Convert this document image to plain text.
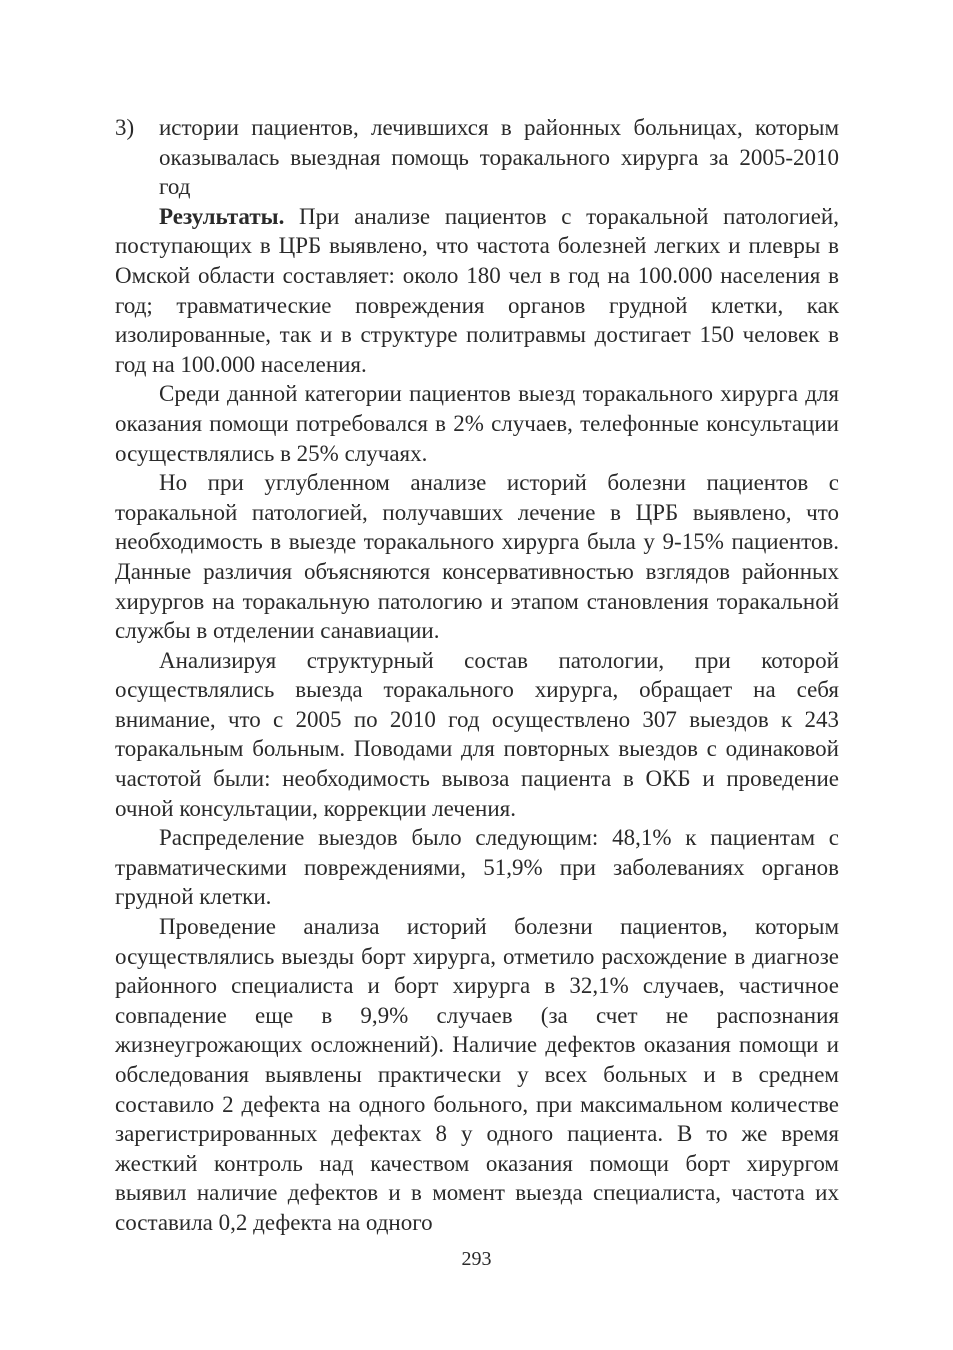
3) истории пациентов, лечившихся в районных больницах, которым оказывалась выездная помощь торакального хирурга за 2005-2010 год

Результаты. При анализе пациентов с торакальной патологией, поступающих в ЦРБ выявлено, что частота болезней легких и плевры в Омской области составляет: около 180 чел в год на 100.000 населения в год; травматические повреждения органов грудной клетки, как изолированные, так и в структуре политравмы достигает 150 человек в год на 100.000 населения.

Среди данной категории пациентов выезд торакального хирурга для оказания помощи потребовался в 2% случаев, телефонные консультации осуществлялись в 25% случаях.

Но при углубленном анализе историй болезни пациентов с торакальной патологией, получавших лечение в ЦРБ выявлено, что необходимость в выезде торакального хирурга была у 9-15% пациентов. Данные различия объясняются консервативностью взглядов районных хирургов на торакальную патологию и этапом становления торакальной службы в отделении санавиации.

Анализируя структурный состав патологии, при которой осуществлялись выезда торакального хирурга, обращает на себя внимание, что с 2005 по 2010 год осуществлено 307 выездов к 243 торакальным больным. Поводами для повторных выездов с одинаковой частотой были: необходимость вывоза пациента в ОКБ и проведение очной консультации, коррекции лечения.

Распределение выездов было следующим: 48,1% к пациентам с травматическими повреждениями, 51,9% при заболеваниях органов грудной клетки.

Проведение анализа историй болезни пациентов, которым осуществлялись выезды борт хирурга, отметило расхождение в диагнозе районного специалиста и борт хирурга в 32,1% случаев, частичное совпадение еще в 9,9% случаев (за счет не распознания жизнеугрожающих осложнений). Наличие дефектов оказания помощи и обследования выявлены практически у всех больных и в среднем составило 2 дефекта на одного больного, при максимальном количестве зарегистрированных дефектах 8 у одного пациента. В то же время жесткий контроль над качеством оказания помощи борт хирургом выявил наличие дефектов и в момент выезда специалиста, частота их составила 0,2 дефекта на одного

293
